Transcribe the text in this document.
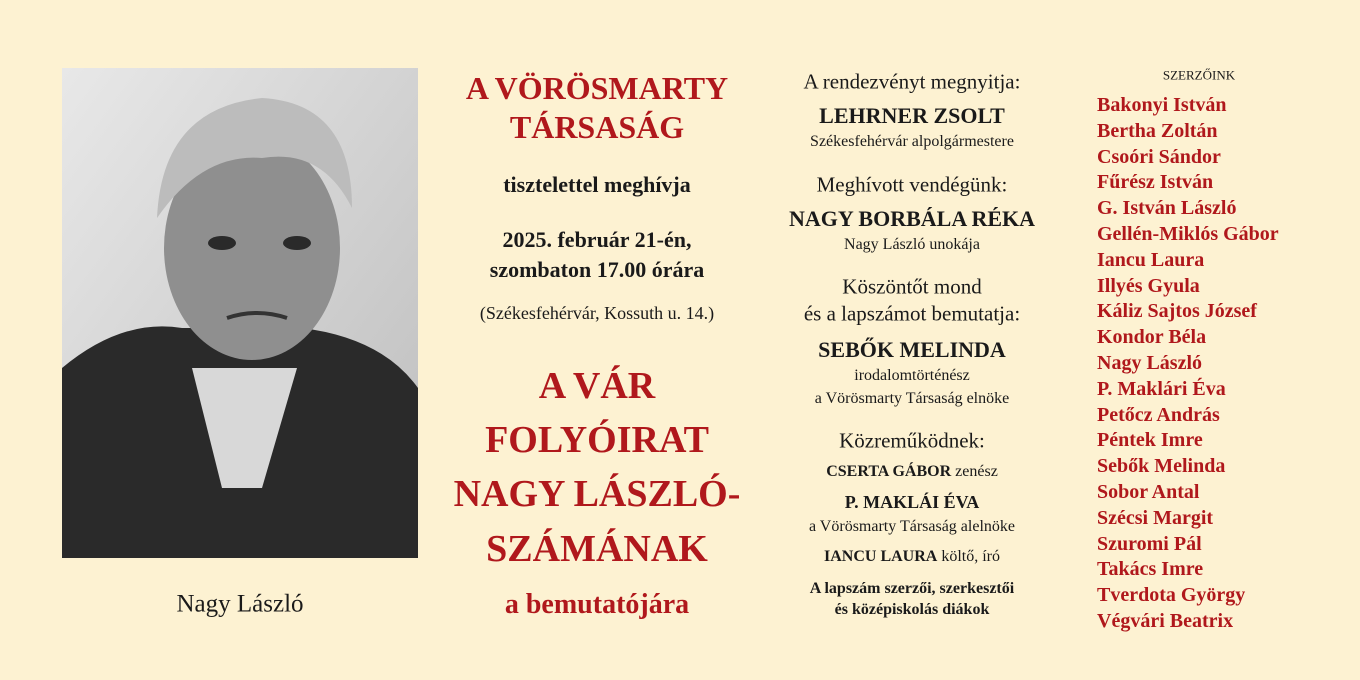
Nagy László
A VÖRÖSMARTY
TÁRSASÁG
tisztelettel meghívja
2025. február 21-én,
szombaton 17.00 órára
(Székesfehérvár, Kossuth u. 14.)
A VÁR
FOLYÓIRAT
NAGY LÁSZLÓ-
SZÁMÁNAK
a bemutatójára
A rendezvényt megnyitja:
LEHRNER ZSOLT
Székesfehérvár alpolgármestere
Meghívott vendégünk:
NAGY BORBÁLA RÉKA
Nagy László unokája
Köszöntőt mond
és a lapszámot bemutatja:
SEBŐK MELINDA
irodalomtörténész
a Vörösmarty Társaság elnöke
Közreműködnek:
CSERTA GÁBOR zenész
P. MAKLÁI ÉVA
a Vörösmarty Társaság alelnöke
IANCU LAURA költő, író
A lapszám szerzői, szerkesztői
és középiskolás diákok
SZERZŐINK
Bakonyi István
Bertha Zoltán
Csoóri Sándor
Fűrész István
G. István László
Gellén-Miklós Gábor
Iancu Laura
Illyés Gyula
Káliz Sajtos József
Kondor Béla
Nagy László
P. Maklári Éva
Petőcz András
Péntek Imre
Sebők Melinda
Sobor Antal
Szécsi Margit
Szuromi Pál
Takács Imre
Tverdota György
Végvári Beatrix
